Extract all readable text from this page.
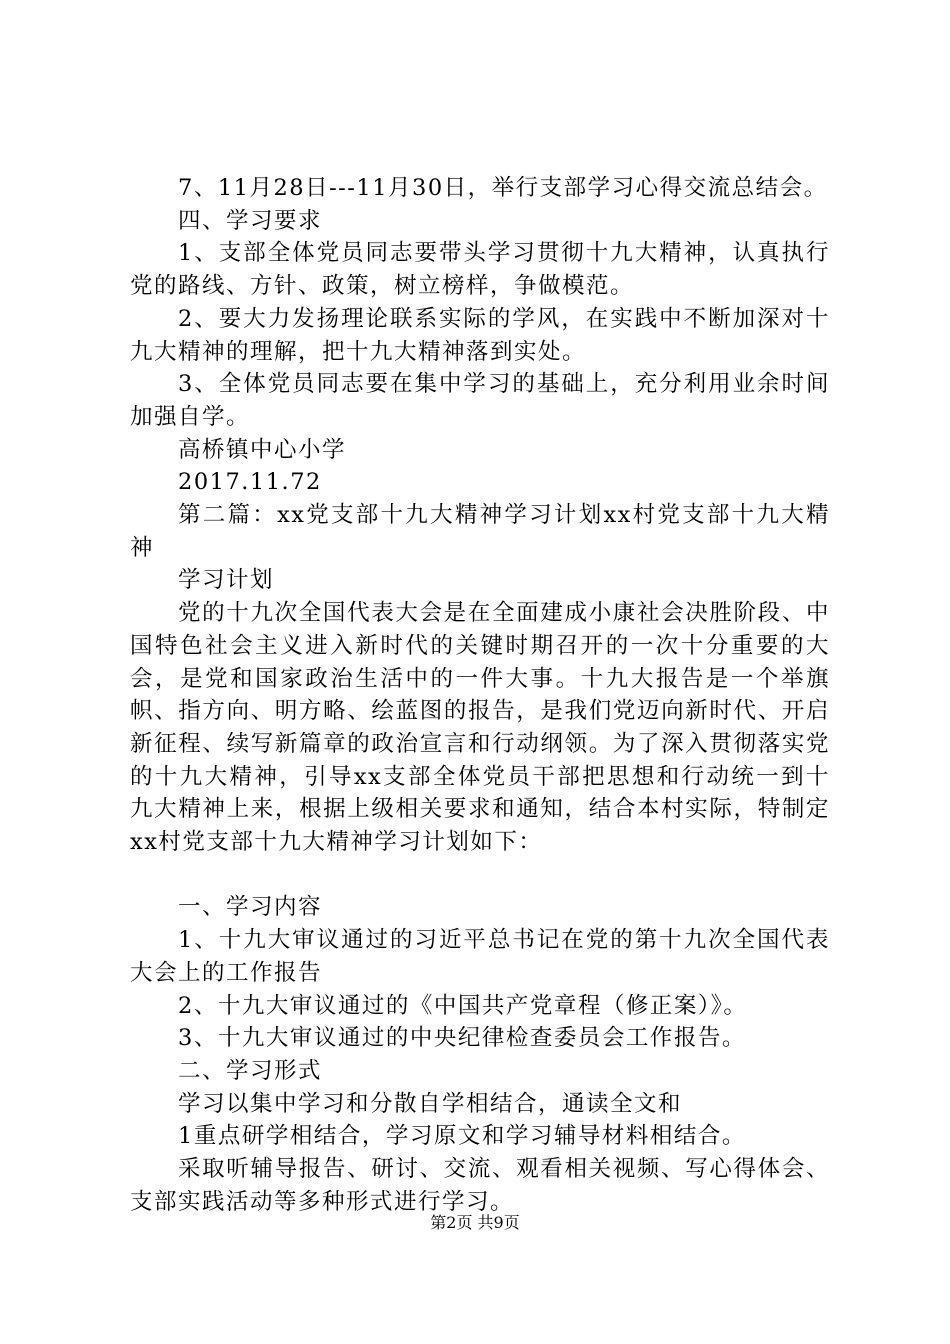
7、11月28日---11月30日，举行支部学习心得交流总结会。

四、学习要求

1、支部全体党员同志要带头学习贯彻十九大精神，认真执行党的路线、方针、政策，树立榜样，争做模范。

2、要大力发扬理论联系实际的学风，在实践中不断加深对十九大精神的理解，把十九大精神落到实处。

3、全体党员同志要在集中学习的基础上，充分利用业余时间加强自学。

高桥镇中心小学

2017.11.72

第二篇：xx党支部十九大精神学习计划xx村党支部十九大精神

学习计划

党的十九次全国代表大会是在全面建成小康社会决胜阶段、中国特色社会主义进入新时代的关键时期召开的一次十分重要的大会，是党和国家政治生活中的一件大事。十九大报告是一个举旗帜、指方向、明方略、绘蓝图的报告，是我们党迈向新时代、开启新征程、续写新篇章的政治宣言和行动纲领。为了深入贯彻落实党的十九大精神，引导xx支部全体党员干部把思想和行动统一到十九大精神上来，根据上级相关要求和通知，结合本村实际，特制定xx村党支部十九大精神学习计划如下：

一、学习内容

1、十九大审议通过的习近平总书记在党的第十九次全国代表大会上的工作报告

2、十九大审议通过的《中国共产党章程（修正案）》。

3、十九大审议通过的中央纪律检查委员会工作报告。

二、学习形式

学习以集中学习和分散自学相结合，通读全文和

1重点研学相结合，学习原文和学习辅导材料相结合。

采取听辅导报告、研讨、交流、观看相关视频、写心得体会、支部实践活动等多种形式进行学习。

第2页 共9页
